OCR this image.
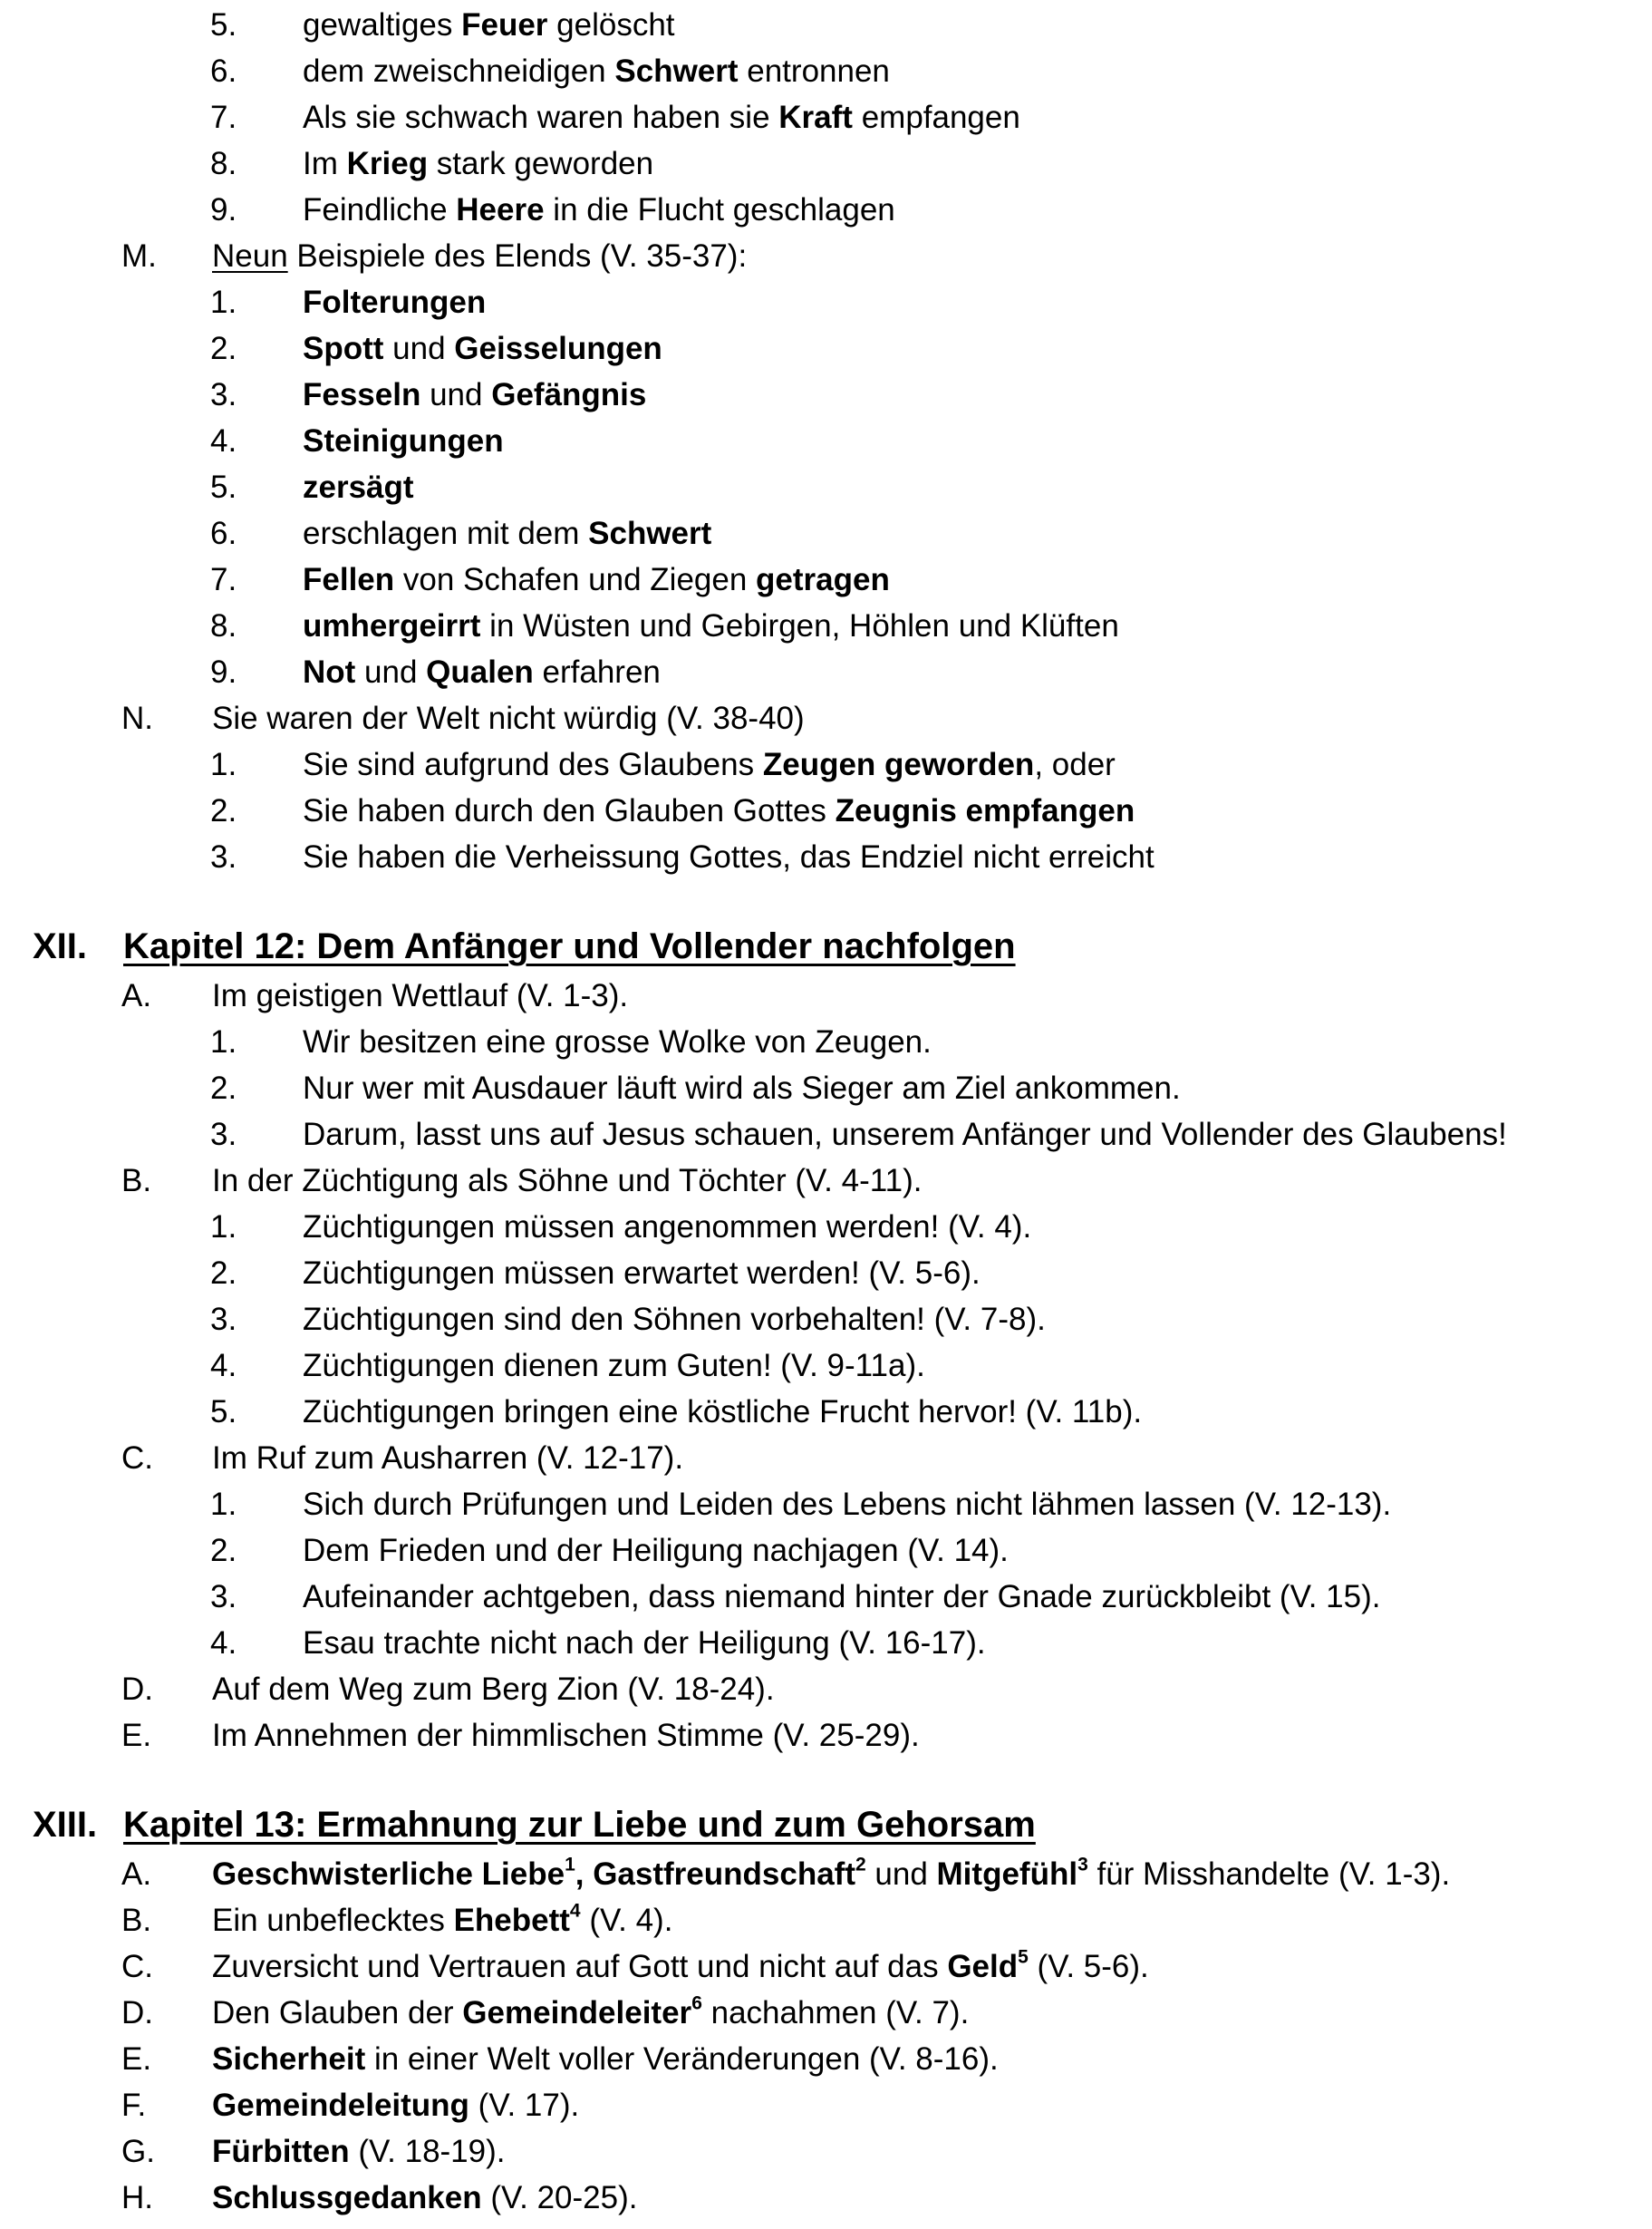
5. gewaltiges Feuer gelöscht
6. dem zweischneidigen Schwert entronnen
7. Als sie schwach waren haben sie Kraft empfangen
8. Im Krieg stark geworden
9. Feindliche Heere in die Flucht geschlagen
M. Neun Beispiele des Elends (V. 35-37):
1. Folterungen
2. Spott und Geisselungen
3. Fesseln und Gefängnis
4. Steinigungen
5. zersägt
6. erschlagen mit dem Schwert
7. Fellen von Schafen und Ziegen getragen
8. umhergeirrt in Wüsten und Gebirgen, Höhlen und Klüften
9. Not und Qualen erfahren
N. Sie waren der Welt nicht würdig (V. 38-40)
1. Sie sind aufgrund des Glaubens Zeugen geworden, oder
2. Sie haben durch den Glauben Gottes Zeugnis empfangen
3. Sie haben die Verheissung Gottes, das Endziel nicht erreicht
XII. Kapitel 12: Dem Anfänger und Vollender nachfolgen
A. Im geistigen Wettlauf (V. 1-3).
1. Wir besitzen eine grosse Wolke von Zeugen.
2. Nur wer mit Ausdauer läuft wird als Sieger am Ziel ankommen.
3. Darum, lasst uns auf Jesus schauen, unserem Anfänger und Vollender des Glaubens!
B. In der Züchtigung als Söhne und Töchter (V. 4-11).
1. Züchtigungen müssen angenommen werden! (V. 4).
2. Züchtigungen müssen erwartet werden! (V. 5-6).
3. Züchtigungen sind den Söhnen vorbehalten! (V. 7-8).
4. Züchtigungen dienen zum Guten! (V. 9-11a).
5. Züchtigungen bringen eine köstliche Frucht hervor! (V. 11b).
C. Im Ruf zum Ausharren (V. 12-17).
1. Sich durch Prüfungen und Leiden des Lebens nicht lähmen lassen (V. 12-13).
2. Dem Frieden und der Heiligung nachjagen (V. 14).
3. Aufeinander achtgeben, dass niemand hinter der Gnade zurückbleibt (V. 15).
4. Esau trachte nicht nach der Heiligung (V. 16-17).
D. Auf dem Weg zum Berg Zion (V. 18-24).
E. Im Annehmen der himmlischen Stimme (V. 25-29).
XIII. Kapitel 13: Ermahnung zur Liebe und zum Gehorsam
A. Geschwisterliche Liebe$^1$, Gastfreundschaft$^2$ und Mitgefühl$^3$ für Misshandelte (V. 1-3).
B. Ein unbeflecktes Ehebett$^4$ (V. 4).
C. Zuversicht und Vertrauen auf Gott und nicht auf das Geld$^5$ (V. 5-6).
D. Den Glauben der Gemeindeleiter$^6$ nachahmen (V. 7).
E. Sicherheit in einer Welt voller Veränderungen (V. 8-16).
F. Gemeindeleitung (V. 17).
G. Fürbitten (V. 18-19).
H. Schlussgedanken (V. 20-25).
